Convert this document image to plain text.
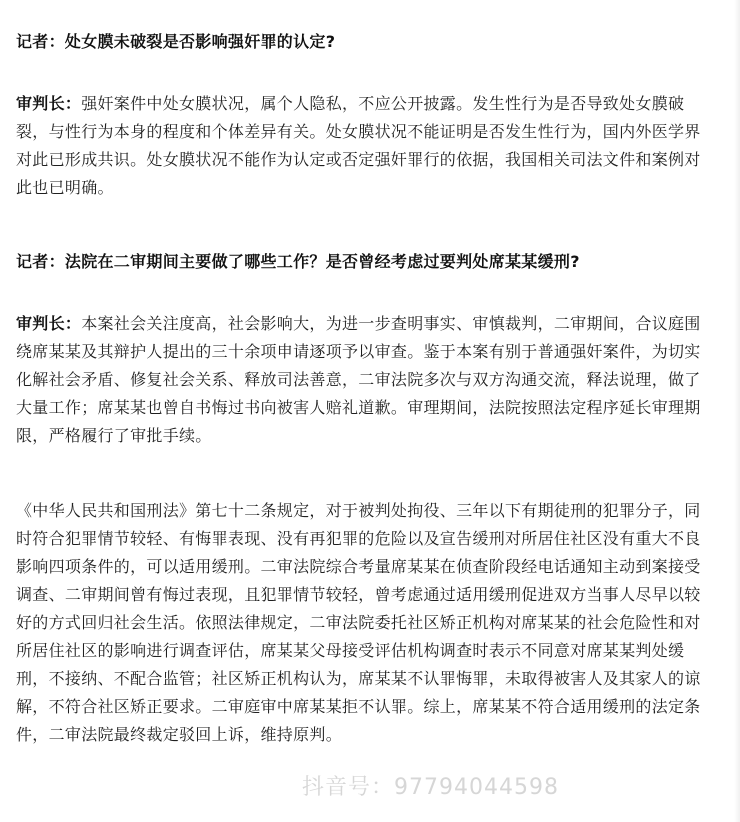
记者：处女膜未破裂是否影响强奸罪的认定?

审判长：强奸案件中处女膜状况，属个人隐私，不应公开披露。发生性行为是否导致处女膜破裂，与性行为本身的程度和个体差异有关。处女膜状况不能证明是否发生性行为，国内外医学界对此已形成共识。处女膜状况不能作为认定或否定强奸罪行的依据，我国相关司法文件和案例对此也已明确。

记者：法院在二审期间主要做了哪些工作？是否曾经考虑过要判处席某某缓刑?

审判长：本案社会关注度高，社会影响大，为进一步查明事实、审慎裁判，二审期间，合议庭围绕席某某及其辩护人提出的三十余项申请逐项予以审查。鉴于本案有别于普通强奸案件，为切实化解社会矛盾、修复社会关系、释放司法善意，二审法院多次与双方沟通交流，释法说理，做了大量工作；席某某也曾自书悔过书向被害人赔礼道歉。审理期间，法院按照法定程序延长审理期限，严格履行了审批手续。

《中华人民共和国刑法》第七十二条规定，对于被判处拘役、三年以下有期徒刑的犯罪分子，同时符合犯罪情节较轻、有悔罪表现、没有再犯罪的危险以及宣告缓刑对所居住社区没有重大不良影响四项条件的，可以适用缓刑。二审法院综合考量席某某在侦查阶段经电话通知主动到案接受调查、二审期间曾有悔过表现，且犯罪情节较轻，曾考虑通过适用缓刑促进双方当事人尽早以较好的方式回归社会生活。依照法律规定，二审法院委托社区矫正机构对席某某的社会危险性和对所居住社区的影响进行调查评估，席某某父母接受评估机构调查时表示不同意对席某某判处缓刑，不接纳、不配合监管；社区矫正机构认为，席某某不认罪悔罪，未取得被害人及其家人的谅解，不符合社区矫正要求。二审庭审中席某某拒不认罪。综上，席某某不符合适用缓刑的法定条件，二审法院最终裁定驳回上诉，维持原判。

抖音号：97794044598
